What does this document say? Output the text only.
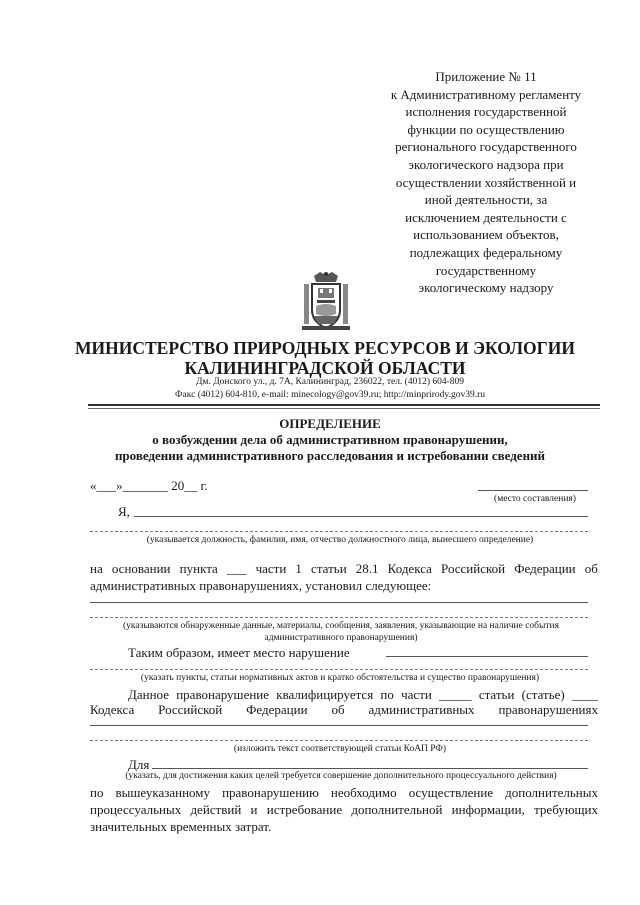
Приложение № 11
к Административному регламенту
исполнения государственной
функции по осуществлению
регионального государственного
экологического надзора при
осуществлении хозяйственной и
иной деятельности, за
исключением деятельности с
использованием объектов,
подлежащих федеральному
государственному
экологическому надзору
МИНИСТЕРСТВО ПРИРОДНЫХ РЕСУРСОВ И ЭКОЛОГИИ
КАЛИНИНГРАДСКОЙ ОБЛАСТИ
Дм. Донского ул., д. 7А, Калининград, 236022, тел. (4012) 604-809
Факс (4012) 604-810, e-mail: minecology@gov39.ru; http://minprirody.gov39.ru
ОПРЕДЕЛЕНИЕ
о возбуждении дела об административном правонарушении,
проведении административного расследования и истребовании сведений
«___»_______ 20__ г.
(место составления)
Я,
(указывается должность, фамилия, имя, отчество должностного лица, вынесшего определение)
на основании пункта ___ части 1 статьи 28.1 Кодекса Российской Федерации об
административных правонарушениях, установил следующее:
(указываются обнаруженные данные, материалы, сообщения, заявления, указывающие на наличие события
административного правонарушения)
Таким образом, имеет место нарушение
(указать пункты, статьи нормативных актов и кратко обстоятельства и существо правонарушения)
Данное правонарушение квалифицируется по части _____ статьи (статье) ____
Кодекса Российской Федерации об административных правонарушениях
(изложить текст соответствующей статьи КоАП РФ)
Для
(указать, для достижения каких целей требуется совершение дополнительного процессуального действия)
по вышеуказанному правонарушению необходимо осуществление дополнительных процессуальных действий и истребование дополнительной информации, требующих значительных временных затрат.
